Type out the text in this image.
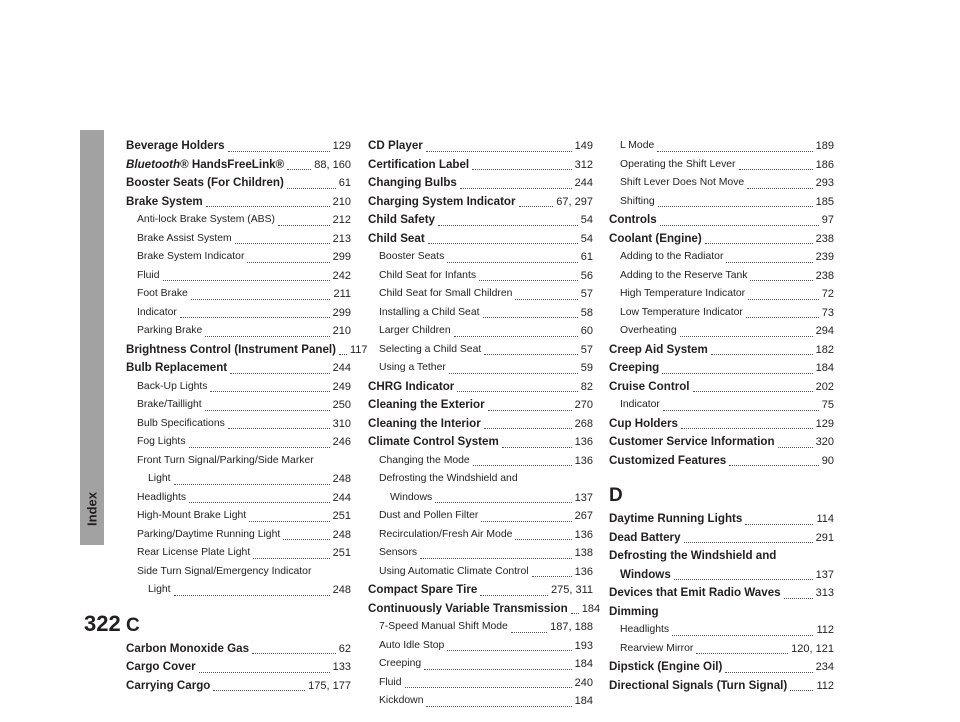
Index
322
Beverage Holders	129
Bluetooth® HandsFreeLink®	88, 160
Booster Seats (For Children)	61
Brake System	210
Anti-lock Brake System (ABS)	212
Brake Assist System	213
Brake System Indicator	299
Fluid	242
Foot Brake	211
Indicator	299
Parking Brake	210
Brightness Control (Instrument Panel) 117
Bulb Replacement	244
Back-Up Lights	249
Brake/Taillight	250
Bulb Specifications	310
Fog Lights	246
Front Turn Signal/Parking/Side Marker
Light	248
Headlights	244
High-Mount Brake Light	251
Parking/Daytime Running Light	248
Rear License Plate Light	251
Side Turn Signal/Emergency Indicator
Light	248
C
Carbon Monoxide Gas	62
Cargo Cover	133
Carrying Cargo	175, 177
CD Player	149
Certification Label	312
Changing Bulbs	244
Charging System Indicator	67, 297
Child Safety	54
Child Seat	54
Booster Seats	61
Child Seat for Infants	56
Child Seat for Small Children	57
Installing a Child Seat	58
Larger Children	60
Selecting a Child Seat	57
Using a Tether	59
CHRG Indicator	82
Cleaning the Exterior	270
Cleaning the Interior	268
Climate Control System	136
Changing the Mode	136
Defrosting the Windshield and
Windows	137
Dust and Pollen Filter	267
Recirculation/Fresh Air Mode	136
Sensors	138
Using Automatic Climate Control	136
Compact Spare Tire	275, 311
Continuously Variable Transmission 184
7-Speed Manual Shift Mode	187, 188
Auto Idle Stop	193
Creeping	184
Fluid	240
Kickdown	184
L Mode	189
Operating the Shift Lever	186
Shift Lever Does Not Move	293
Shifting	185
Controls	97
Coolant (Engine)	238
Adding to the Radiator	239
Adding to the Reserve Tank	238
High Temperature Indicator	72
Low Temperature Indicator	73
Overheating	294
Creep Aid System	182
Creeping	184
Cruise Control	202
Indicator	75
Cup Holders	129
Customer Service Information	320
Customized Features	90
D
Daytime Running Lights	114
Dead Battery	291
Defrosting the Windshield and
Windows	137
Devices that Emit Radio Waves	313
Dimming
Headlights	112
Rearview Mirror	120, 121
Dipstick (Engine Oil)	234
Directional Signals (Turn Signal)	112
